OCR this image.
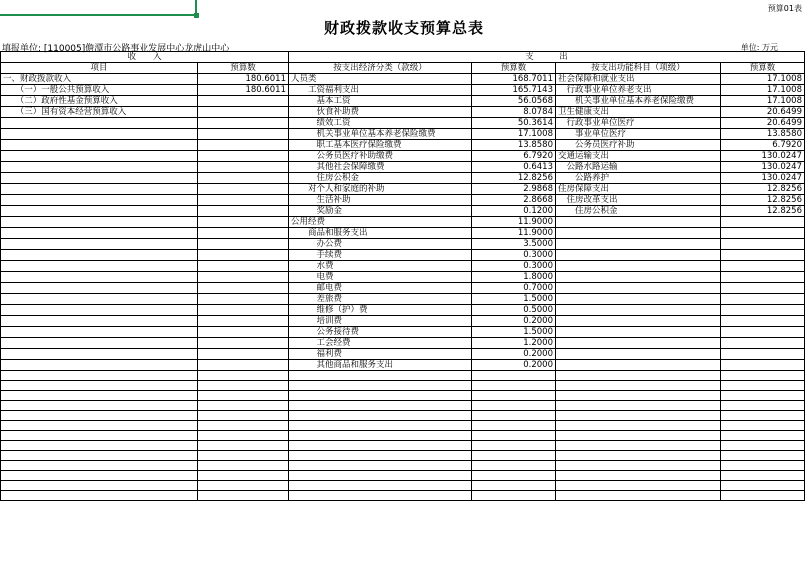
预算01表
财政拨款收支预算总表
填报单位: [110005]儋潭市公路事业发展中心龙虎山中心	单位: 万元
收　　入		支　　　出			
项目	预算数	按支出经济分类（款级）	预算数	按支出功能科目（项级）	预算数
一、财政拨款收入	180.6011	人员类	168.7011	社会保障和就业支出	17.1008
　　（一）一般公共预算收入	180.6011	　　工资福利支出	165.7143	　行政事业单位养老支出	17.1008
　　（二）政府性基金预算收入		　　　基本工资	56.0568	　　机关事业单位基本养老保险缴费	17.1008
　　（三）国有资本经营预算收入		　　　伙食补助费	8.0784	卫生健康支出	20.6499
		　　　绩效工资	50.3614	　行政事业单位医疗	20.6499
		　　　机关事业单位基本养老保险缴费	17.1008	　　事业单位医疗	13.8580
		　　　职工基本医疗保险缴费	13.8580	　　公务员医疗补助	6.7920
		　　　公务员医疗补助缴费	6.7920	交通运输支出	130.0247
		　　　其他社会保障缴费	0.6413	　公路水路运输	130.0247
		　　　住房公积金	12.8256	　　公路养护	130.0247
		　　对个人和家庭的补助	2.9868	住房保障支出	12.8256
		　　　生活补助	2.8668	　住房改革支出	12.8256
		　　　奖励金	0.1200	　　住房公积金	12.8256
		公用经费	11.9000		
		　　商品和服务支出	11.9000		
		　　　办公费	3.5000		
		　　　手续费	0.3000		
		　　　水费	0.3000		
		　　　电费	1.8000		
		　　　邮电费	0.7000		
		　　　差旅费	1.5000		
		　　　维修（护）费	0.5000		
		　　　培训费	0.2000		
		　　　公务接待费	1.5000		
		　　　工会经费	1.2000		
		　　　福利费	0.2000		
		　　　其他商品和服务支出	0.2000		
